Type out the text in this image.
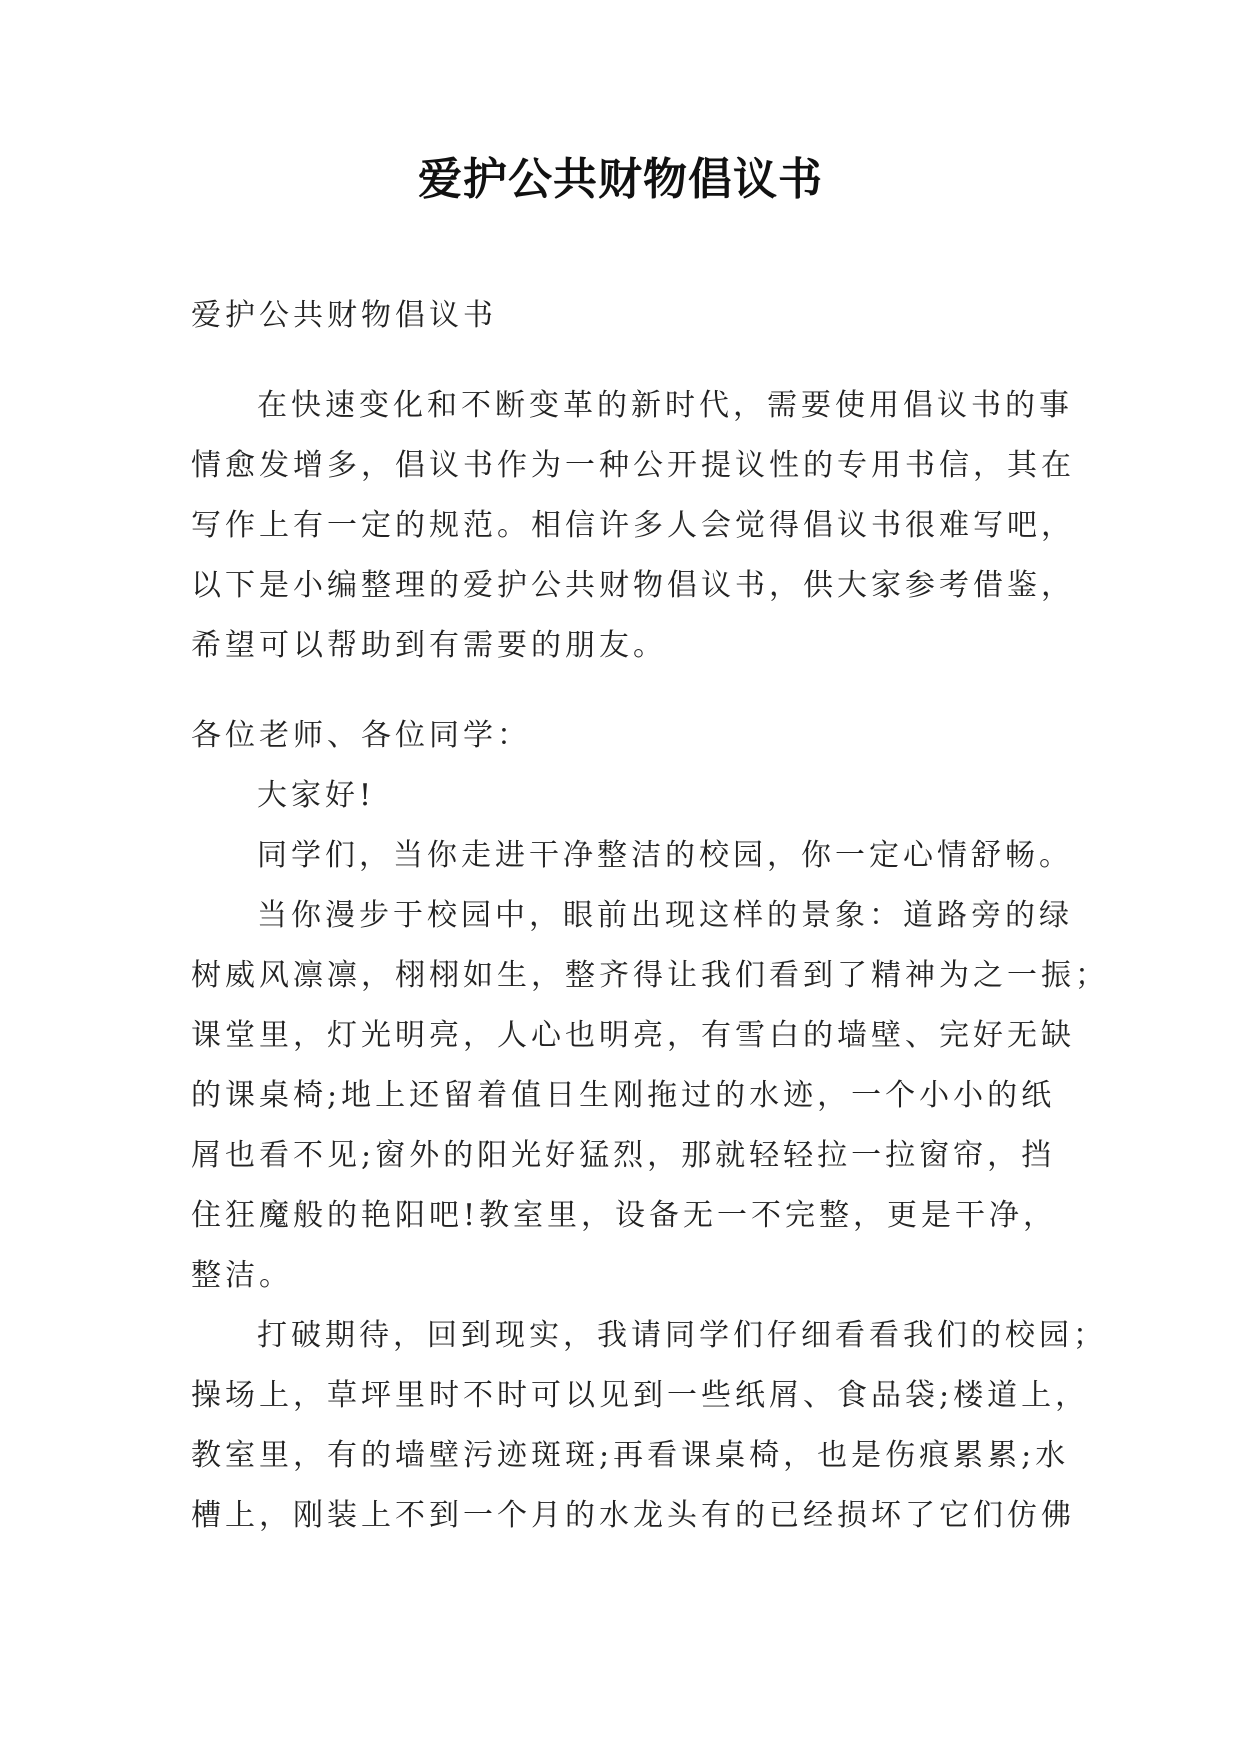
爱护公共财物倡议书
爱护公共财物倡议书
在快速变化和不断变革的新时代，需要使用倡议书的事
情愈发增多，倡议书作为一种公开提议性的专用书信，其在
写作上有一定的规范。相信许多人会觉得倡议书很难写吧，
以下是小编整理的爱护公共财物倡议书，供大家参考借鉴，
希望可以帮助到有需要的朋友。
各位老师、各位同学：
大家好!
同学们，当你走进干净整洁的校园，你一定心情舒畅。
当你漫步于校园中，眼前出现这样的景象：道路旁的绿
树威风凛凛，栩栩如生，整齐得让我们看到了精神为之一振；
课堂里，灯光明亮，人心也明亮，有雪白的墙壁、完好无缺
的课桌椅;地上还留着值日生刚拖过的水迹，一个小小的纸
屑也看不见;窗外的阳光好猛烈，那就轻轻拉一拉窗帘，挡
住狂魔般的艳阳吧!教室里，设备无一不完整，更是干净，
整洁。
打破期待，回到现实，我请同学们仔细看看我们的校园；
操场上，草坪里时不时可以见到一些纸屑、食品袋;楼道上，
教室里，有的墙壁污迹斑斑;再看课桌椅，也是伤痕累累;水
槽上，刚装上不到一个月的水龙头有的已经损坏了它们仿佛
